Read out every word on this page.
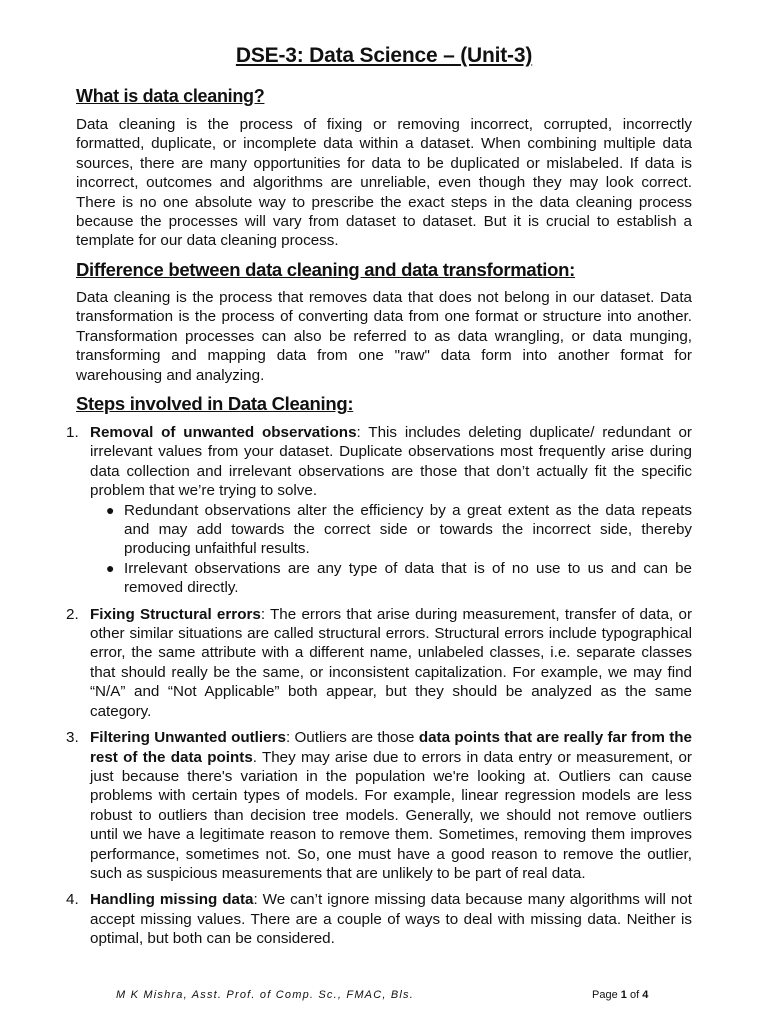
DSE-3: Data Science – (Unit-3)
What is data cleaning?

Data cleaning is the process of fixing or removing incorrect, corrupted, incorrectly formatted, duplicate, or incomplete data within a dataset. When combining multiple data sources, there are many opportunities for data to be duplicated or mislabeled. If data is incorrect, outcomes and algorithms are unreliable, even though they may look correct. There is no one absolute way to prescribe the exact steps in the data cleaning process because the processes will vary from dataset to dataset. But it is crucial to establish a template for our data cleaning process.

Difference between data cleaning and data transformation:

Data cleaning is the process that removes data that does not belong in our dataset. Data transformation is the process of converting data from one format or structure into another. Transformation processes can also be referred to as data wrangling, or data munging, transforming and mapping data from one "raw" data form into another format for warehousing and analyzing.

Steps involved in Data Cleaning:
1. Removal of unwanted observations: This includes deleting duplicate/ redundant or irrelevant values from your dataset. Duplicate observations most frequently arise during data collection and irrelevant observations are those that don’t actually fit the specific problem that we’re trying to solve.
● Redundant observations alter the efficiency by a great extent as the data repeats and may add towards the correct side or towards the incorrect side, thereby producing unfaithful results.
● Irrelevant observations are any type of data that is of no use to us and can be removed directly.
2. Fixing Structural errors: The errors that arise during measurement, transfer of data, or other similar situations are called structural errors. Structural errors include typographical error, the same attribute with a different name, unlabeled classes, i.e. separate classes that should really be the same, or inconsistent capitalization. For example, we may find “N/A” and “Not Applicable” both appear, but they should be analyzed as the same category.
3. Filtering Unwanted outliers: Outliers are those data points that are really far from the rest of the data points. They may arise due to errors in data entry or measurement, or just because there's variation in the population we're looking at. Outliers can cause problems with certain types of models. For example, linear regression models are less robust to outliers than decision tree models. Generally, we should not remove outliers until we have a legitimate reason to remove them. Sometimes, removing them improves performance, sometimes not. So, one must have a good reason to remove the outlier, such as suspicious measurements that are unlikely to be part of real data.
4. Handling missing data: We can’t ignore missing data because many algorithms will not accept missing values. There are a couple of ways to deal with missing data. Neither is optimal, but both can be considered.
M K Mishra, Asst. Prof. of Comp. Sc., FMAC, Bls.	Page 1 of 4
